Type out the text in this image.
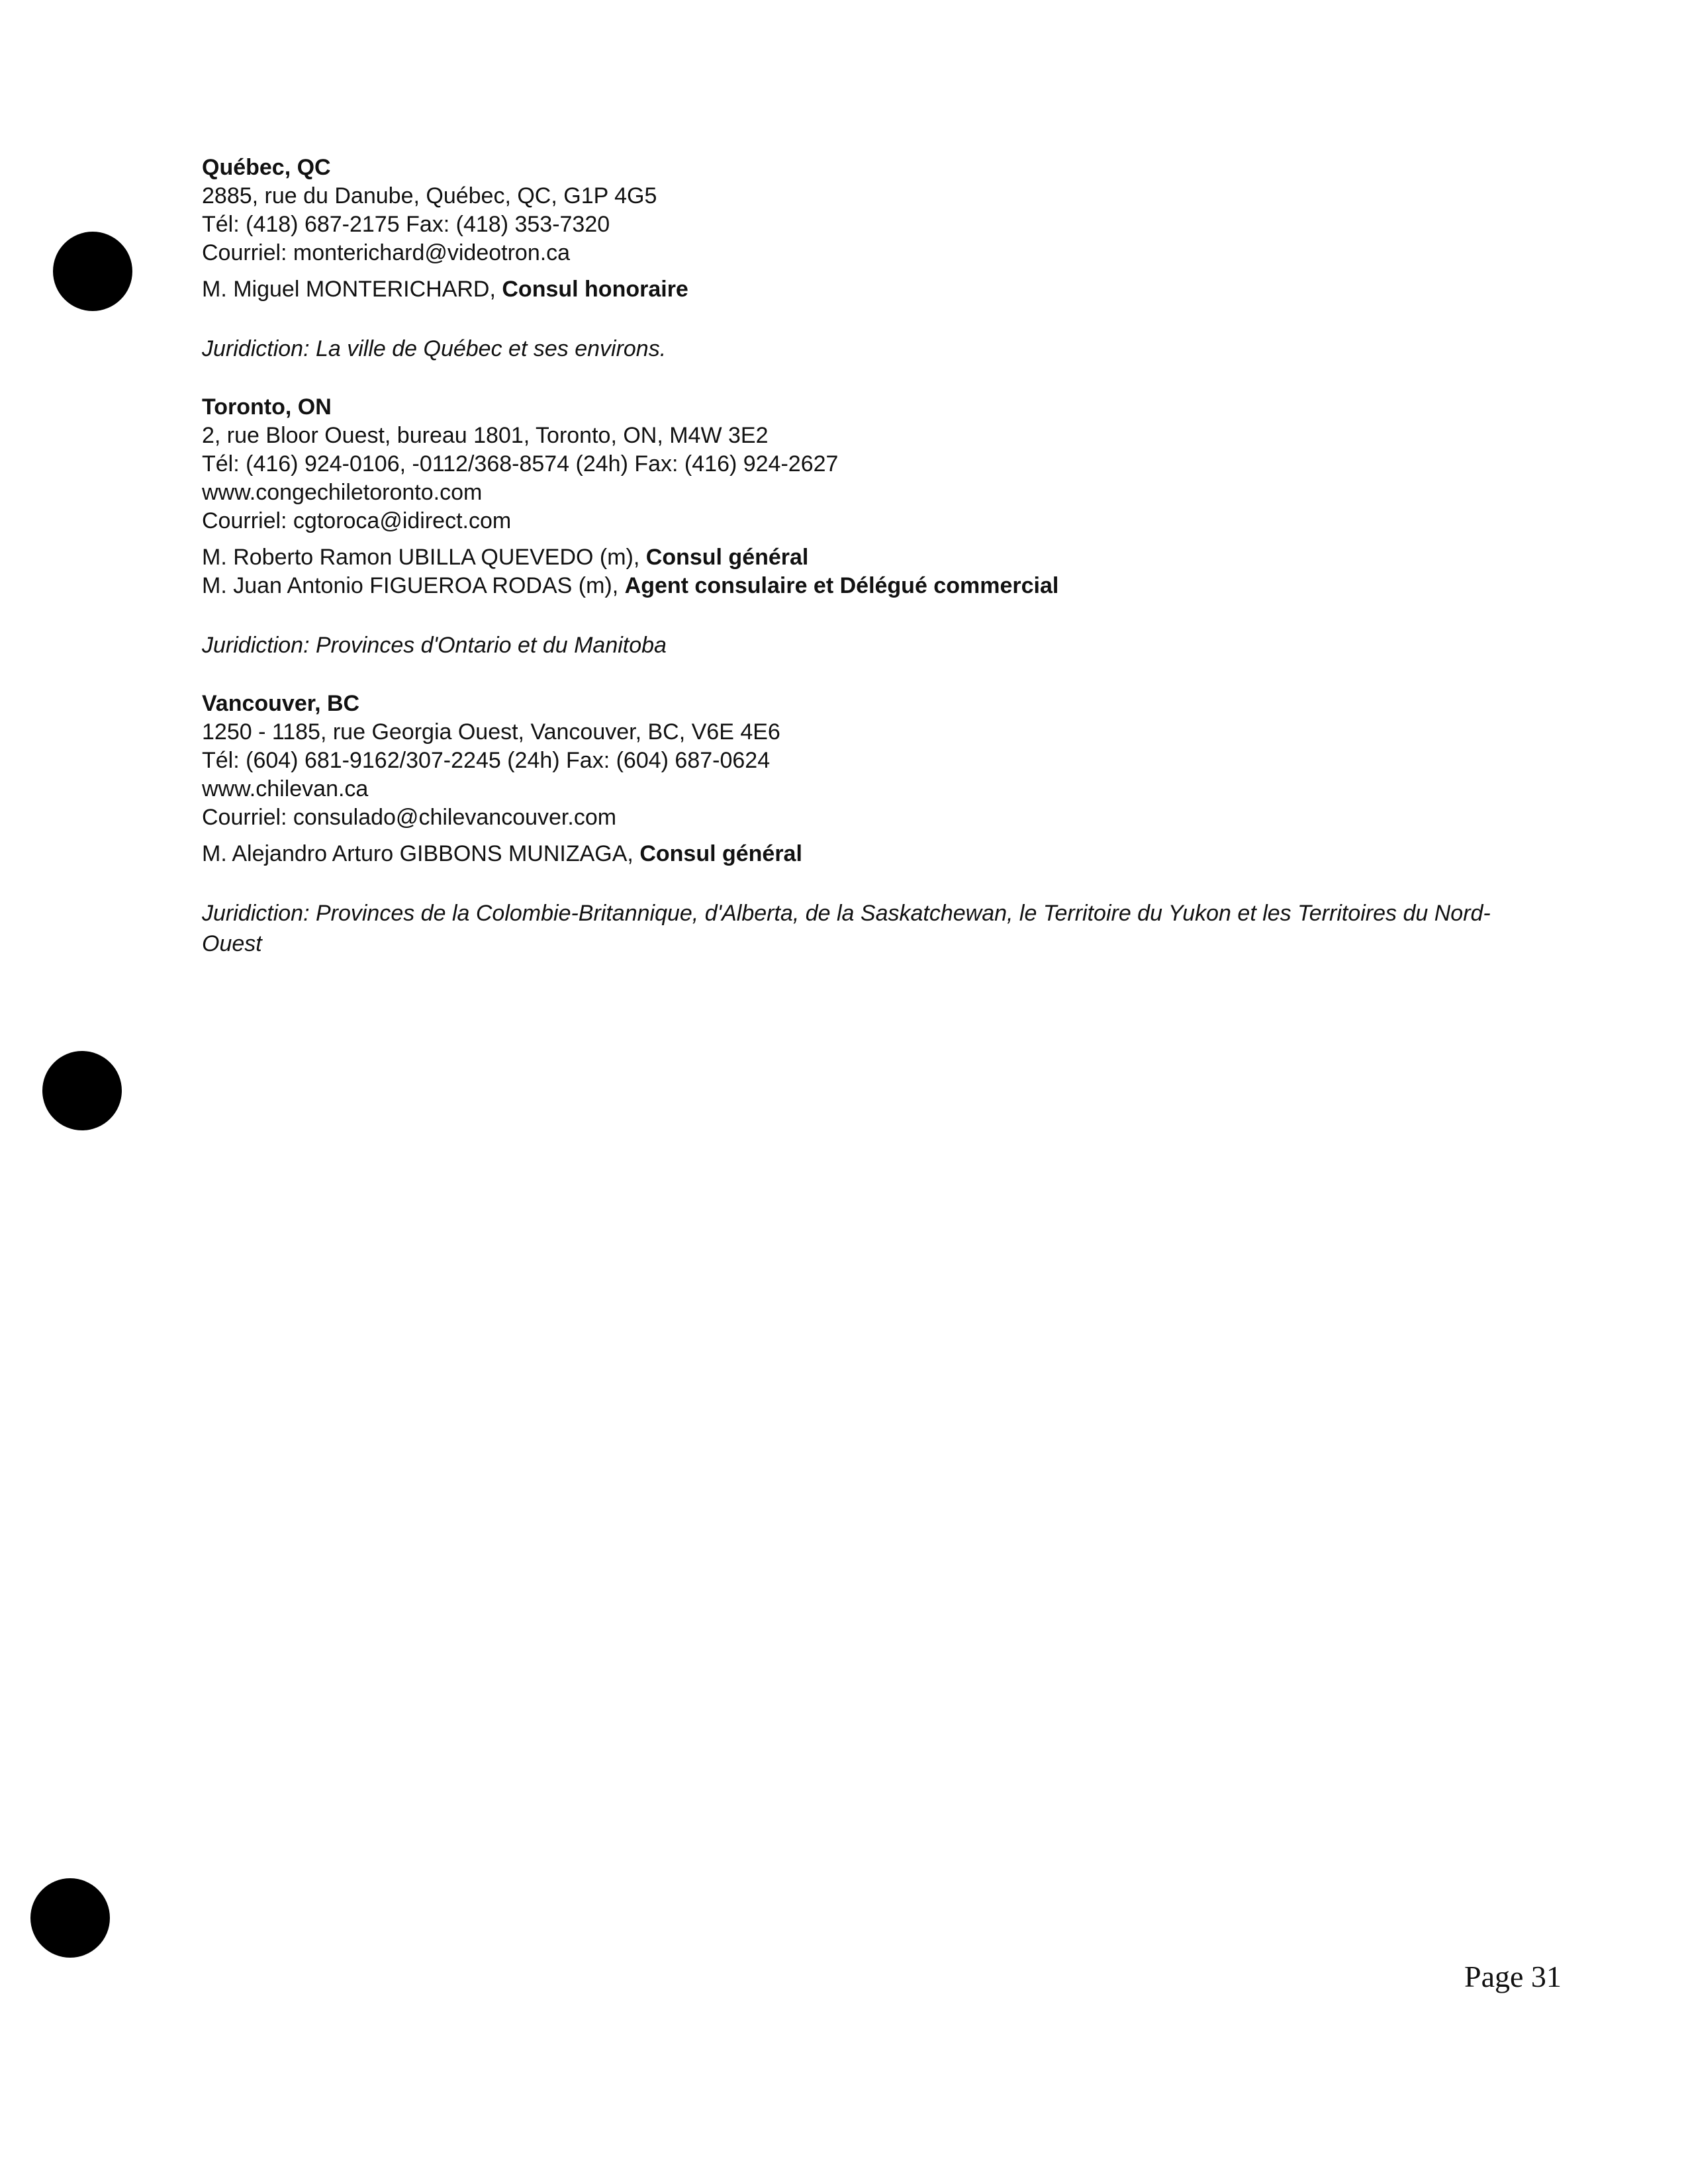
Québec, QC

2885, rue du Danube, Québec, QC, G1P 4G5

Tél: (418) 687-2175 Fax: (418) 353-7320

Courriel: monterichard@videotron.ca

M. Miguel MONTERICHARD, Consul honoraire

Juridiction: La ville de Québec et ses environs.

Toronto, ON

2, rue Bloor Ouest, bureau 1801, Toronto, ON, M4W 3E2

Tél: (416) 924-0106, -0112/368-8574 (24h) Fax: (416) 924-2627

www.congechiletoronto.com

Courriel: cgtoroca@idirect.com

M. Roberto Ramon UBILLA QUEVEDO (m), Consul général

M. Juan Antonio FIGUEROA RODAS (m), Agent consulaire et Délégué commercial

Juridiction: Provinces d'Ontario et du Manitoba

Vancouver, BC

1250 - 1185, rue Georgia Ouest, Vancouver, BC, V6E 4E6

Tél: (604) 681-9162/307-2245 (24h) Fax: (604) 687-0624

www.chilevan.ca

Courriel: consulado@chilevancouver.com

M. Alejandro Arturo GIBBONS MUNIZAGA, Consul général

Juridiction: Provinces de la Colombie-Britannique, d'Alberta, de la Saskatchewan, le Territoire du Yukon et les Territoires du Nord-Ouest

Page 31
